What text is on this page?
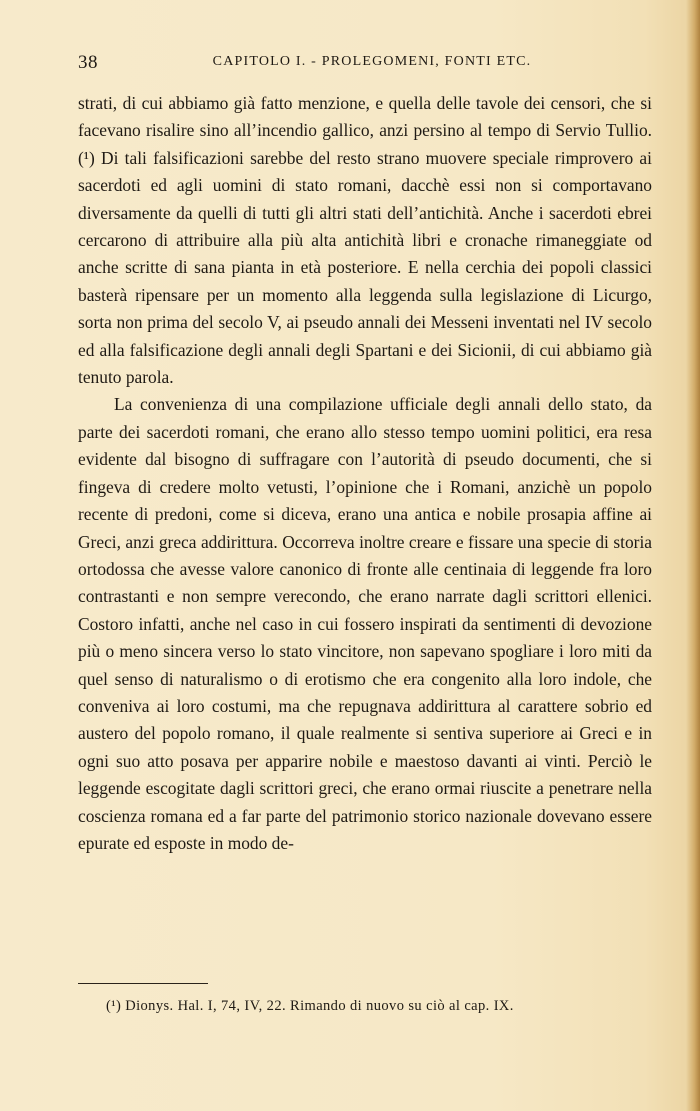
38	CAPITOLO I. - PROLEGOMENI, FONTI ETC.

strati, di cui abbiamo già fatto menzione, e quella delle tavole dei censori, che si facevano risalire sino all’incendio gallico, anzi persino al tempo di Servio Tullio. (¹) Di tali falsificazioni sarebbe del resto strano muovere speciale rimprovero ai sacerdoti ed agli uomini di stato romani, dacchè essi non si comportavano diversamente da quelli di tutti gli altri stati dell’antichità. Anche i sacerdoti ebrei cercarono di attribuire alla più alta antichità libri e cronache rimaneggiate od anche scritte di sana pianta in età posteriore. E nella cerchia dei popoli classici basterà ripensare per un momento alla leggenda sulla legislazione di Licurgo, sorta non prima del secolo V, ai pseudo annali dei Messeni inventati nel IV secolo ed alla falsificazione degli annali degli Spartani e dei Sicionii, di cui abbiamo già tenuto parola.

La convenienza di una compilazione ufficiale degli annali dello stato, da parte dei sacerdoti romani, che erano allo stesso tempo uomini politici, era resa evidente dal bisogno di suffragare con l’autorità di pseudo documenti, che si fingeva di credere molto vetusti, l’opinione che i Romani, anzichè un popolo recente di predoni, come si diceva, erano una antica e nobile prosapia affine ai Greci, anzi greca addirittura. Occorreva inoltre creare e fissare una specie di storia ortodossa che avesse valore canonico di fronte alle centinaia di leggende fra loro contrastanti e non sempre verecondo, che erano narrate dagli scrittori ellenici. Costoro infatti, anche nel caso in cui fossero inspirati da sentimenti di devozione più o meno sincera verso lo stato vincitore, non sapevano spogliare i loro miti da quel senso di naturalismo o di erotismo che era congenito alla loro indole, che conveniva ai loro costumi, ma che repugnava addirittura al carattere sobrio ed austero del popolo romano, il quale realmente si sentiva superiore ai Greci e in ogni suo atto posava per apparire nobile e maestoso davanti ai vinti. Perciò le leggende escogitate dagli scrittori greci, che erano ormai riuscite a penetrare nella coscienza romana ed a far parte del patrimonio storico nazionale dovevano essere epurate ed esposte in modo de-

(¹) Dionys. Hal. I, 74, IV, 22. Rimando di nuovo su ciò al cap. IX.
